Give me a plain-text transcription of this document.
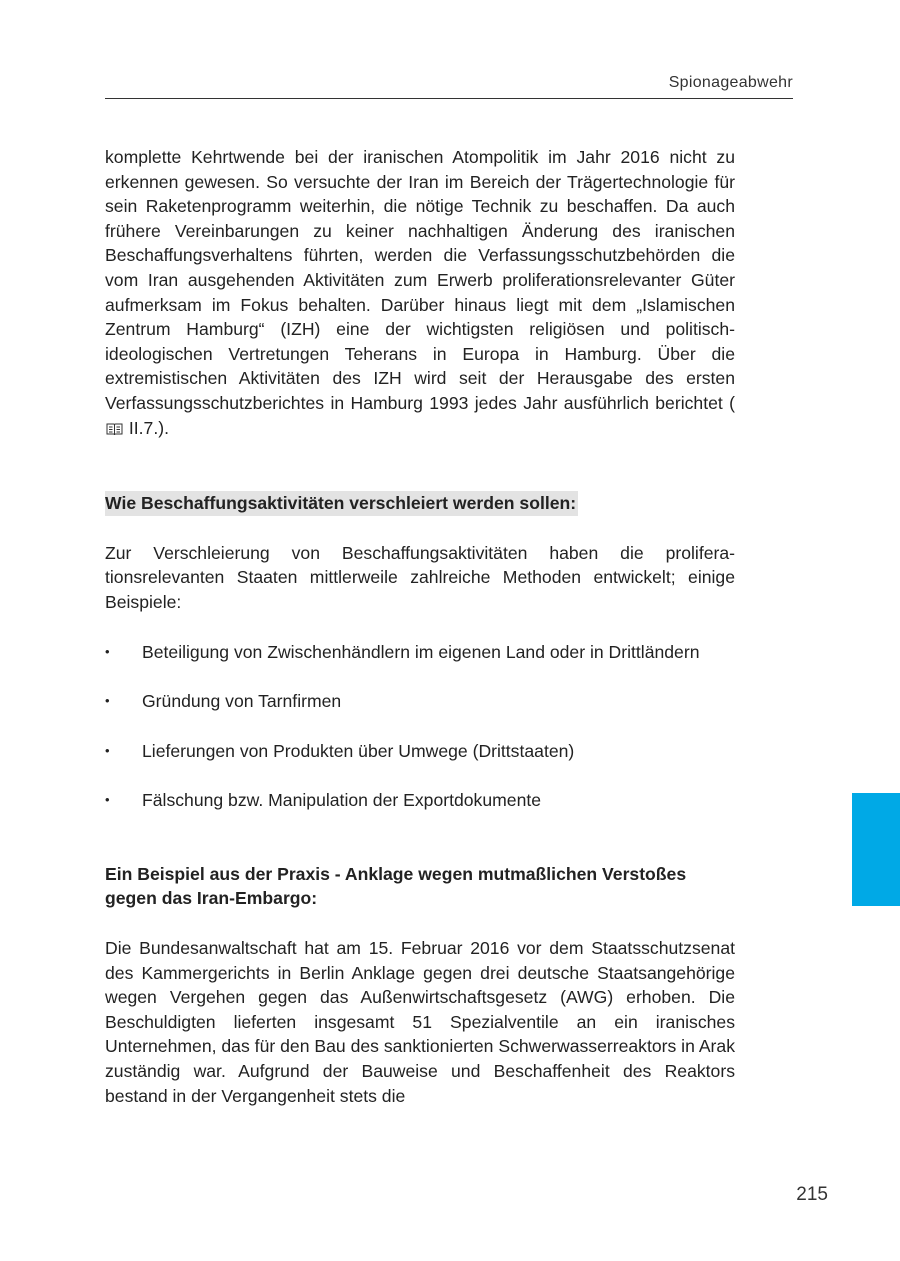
Spionageabwehr

komplette Kehrtwende bei der iranischen Atompolitik im Jahr 2016 nicht zu erkennen gewesen. So versuchte der Iran im Bereich der Trägertechnologie für sein Raketenprogramm weiterhin, die nötige Technik zu beschaffen. Da auch frühere Vereinbarungen zu keiner nachhaltigen Änderung des iranischen Beschaffungsverhaltens führten, werden die Verfassungsschutzbehörden die vom Iran ausgehenden Aktivitäten zum Erwerb proliferationsrelevanter Güter aufmerksam im Fokus behalten. Darüber hinaus liegt mit dem „Islamischen Zentrum Hamburg“ (IZH) eine der wichtigsten religiösen und politisch-ideologischen Vertretungen Teherans in Europa in Hamburg. Über die extremistischen Aktivitäten des IZH wird seit der Herausgabe des ersten Verfassungsschutzberichtes in Hamburg 1993 jedes Jahr ausführlich berichtet ( II.7.).

Wie Beschaffungsaktivitäten verschleiert werden sollen:

Zur Verschleierung von Beschaffungsaktivitäten haben die proliferationsrelevanten Staaten mittlerweile zahlreiche Methoden entwickelt; einige Beispiele:

•	Beteiligung von Zwischenhändlern im eigenen Land oder in Drittländern
•	Gründung von Tarnfirmen
•	Lieferungen von Produkten über Umwege (Drittstaaten)
•	Fälschung bzw. Manipulation der Exportdokumente
Ein Beispiel aus der Praxis - Anklage wegen mutmaßlichen Verstoßes gegen das Iran-Embargo:

Die Bundesanwaltschaft hat am 15. Februar 2016 vor dem Staatsschutzsenat des Kammergerichts in Berlin Anklage gegen drei deutsche Staatsangehörige wegen Vergehen gegen das Außenwirtschaftsgesetz (AWG) erhoben. Die Beschuldigten lieferten insgesamt 51 Spezialventile an ein iranisches Unternehmen, das für den Bau des sanktionierten Schwerwasserreaktors in Arak zuständig war. Aufgrund der Bauweise und Beschaffenheit des Reaktors bestand in der Vergangenheit stets die

215
